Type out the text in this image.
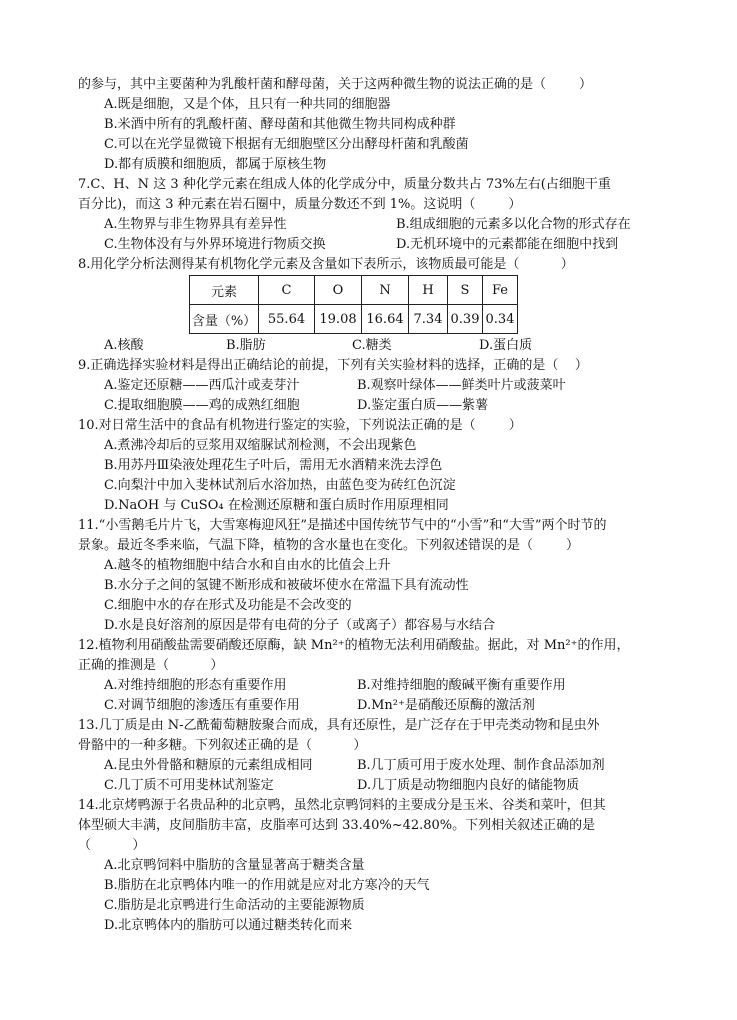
的参与，其中主要菌种为乳酸杆菌和酵母菌，关于这两种微生物的说法正确的是（        ）
A.既是细胞，又是个体，且只有一种共同的细胞器
B.米酒中所有的乳酸杆菌、酵母菌和其他微生物共同构成种群
C.可以在光学显微镜下根据有无细胞壁区分出酵母杆菌和乳酸菌
D.都有质膜和细胞质，都属于原核生物
7.C、H、N 这 3 种化学元素在组成人体的化学成分中，质量分数共占 73%左右(占细胞干重
百分比)，而这 3 种元素在岩石圈中，质量分数还不到 1%。这说明（        ）
A.生物界与非生物界具有差异性	B.组成细胞的元素多以化合物的形式存在
C.生物体没有与外界环境进行物质交换	D.无机环境中的元素都能在细胞中找到
8.用化学分析法测得某有机物化学元素及含量如下表所示，该物质最可能是（          ）
元素	C	O	N	H	S	Fe
含量（%）	55.64	19.08	16.64	7.34	0.39	0.34
A.核酸	B.脂肪	C.糖类	D.蛋白质
9.正确选择实验材料是得出正确结论的前提，下列有关实验材料的选择，正确的是（    ）
A.鉴定还原糖——西瓜汁或麦芽汁	B.观察叶绿体——鲜类叶片或菠菜叶
C.提取细胞膜——鸡的成熟红细胞	D.鉴定蛋白质——紫薯
10.对日常生活中的食品有机物进行鉴定的实验，下列说法正确的是（        ）
A.煮沸冷却后的豆浆用双缩脲试剂检测，不会出现紫色
B.用苏丹Ⅲ染液处理花生子叶后，需用无水酒精来洗去浮色
C.向梨汁中加入斐林试剂后水浴加热，由蓝色变为砖红色沉淀
D.NaOH 与 CuSO₄ 在检测还原糖和蛋白质时作用原理相同
11.“小雪鹅毛片片飞，大雪寒梅迎风狂”是描述中国传统节气中的“小雪”和“大雪”两个时节的
景象。最近冬季来临，气温下降，植物的含水量也在变化。下列叙述错误的是（        ）
A.越冬的植物细胞中结合水和自由水的比值会上升
B.水分子之间的氢键不断形成和被破坏使水在常温下具有流动性
C.细胞中水的存在形式及功能是不会改变的
D.水是良好溶剂的原因是带有电荷的分子（或离子）都容易与水结合
12.植物利用硝酸盐需要硝酸还原酶，缺 Mn²⁺的植物无法利用硝酸盐。据此，对 Mn²⁺的作用，
正确的推测是（          ）
A.对维持细胞的形态有重要作用	B.对维持细胞的酸碱平衡有重要作用
C.对调节细胞的渗透压有重要作用	D.Mn²⁺是硝酸还原酶的激活剂
13.几丁质是由 N-乙酰葡萄糖胺聚合而成，具有还原性，是广泛存在于甲壳类动物和昆虫外
骨骼中的一种多糖。下列叙述正确的是（          ）
A.昆虫外骨骼和糖原的元素组成相同	B.几丁质可用于废水处理、制作食品添加剂
C.几丁质不可用斐林试剂鉴定	D.几丁质是动物细胞内良好的储能物质
14.北京烤鸭源于名贵品种的北京鸭，虽然北京鸭饲料的主要成分是玉米、谷类和菜叶，但其
体型硕大丰满，皮间脂肪丰富，皮脂率可达到 33.40%~42.80%。下列相关叙述正确的是
（          ）
A.北京鸭饲料中脂肪的含量显著高于糖类含量
B.脂肪在北京鸭体内唯一的作用就是应对北方寒冷的天气
C.脂肪是北京鸭进行生命活动的主要能源物质
D.北京鸭体内的脂肪可以通过糖类转化而来
